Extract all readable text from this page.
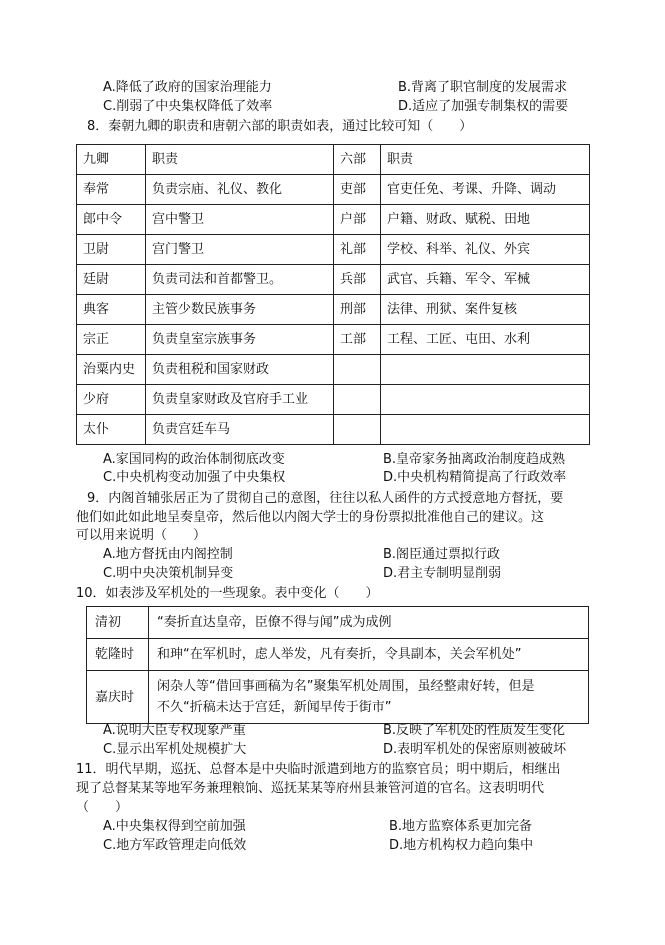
A.降低了政府的国家治理能力	B.背离了职官制度的发展需求
C.削弱了中央集权降低了效率	D.适应了加强专制集权的需要
8．秦朝九卿的职责和唐朝六部的职责如表，通过比较可知（　　）
九卿	职责	六部	职责
奉常	负责宗庙、礼仪、教化	吏部	官吏任免、考课、升降、调动
郎中令	宫中警卫	户部	户籍、财政、赋税、田地
卫尉	宫门警卫	礼部	学校、科举、礼仪、外宾
廷尉	负责司法和首都警卫。	兵部	武官、兵籍、军令、军械
典客	主管少数民族事务	刑部	法律、刑狱、案件复核
宗正	负责皇室宗族事务	工部	工程、工匠、屯田、水利
治粟内史	负责租税和国家财政		
少府	负责皇家财政及官府手工业		
太仆	负责宫廷车马		
A.家国同构的政治体制彻底改变	B.皇帝家务抽离政治制度趋成熟
C.中央机构变动加强了中央集权	D.中央机构精简提高了行政效率
9．内阁首辅张居正为了贯彻自己的意图，往往以私人函件的方式授意地方督抚，要
他们如此如此地呈奏皇帝，然后他以内阁大学士的身份票拟批准他自己的建议。这
可以用来说明（　　）
A.地方督抚由内阁控制	B.阁臣通过票拟行政
C.明中央决策机制异变	D.君主专制明显削弱
10．如表涉及军机处的一些现象。表中变化（　　）
清初	“奏折直达皇帝，臣僚不得与闻”成为成例
乾隆时	和珅“在军机时，虑人举发，凡有奏折，令具副本，关会军机处”
嘉庆时	闲杂人等“借回事画稿为名”聚集军机处周围，虽经整肃好转，但是
不久“折稿未达于宫廷，新闻早传于街市”
A.说明大臣专权现象严重	B.反映了军机处的性质发生变化
C.显示出军机处规模扩大	D.表明军机处的保密原则被破坏
11．明代早期，巡抚、总督本是中央临时派遣到地方的监察官员；明中期后，相继出
现了总督某某等地军务兼理粮饷、巡抚某某等府州县兼管河道的官名。这表明明代
（　　）
A.中央集权得到空前加强	B.地方监察体系更加完备
C.地方军政管理走向低效	D.地方机构权力趋向集中
